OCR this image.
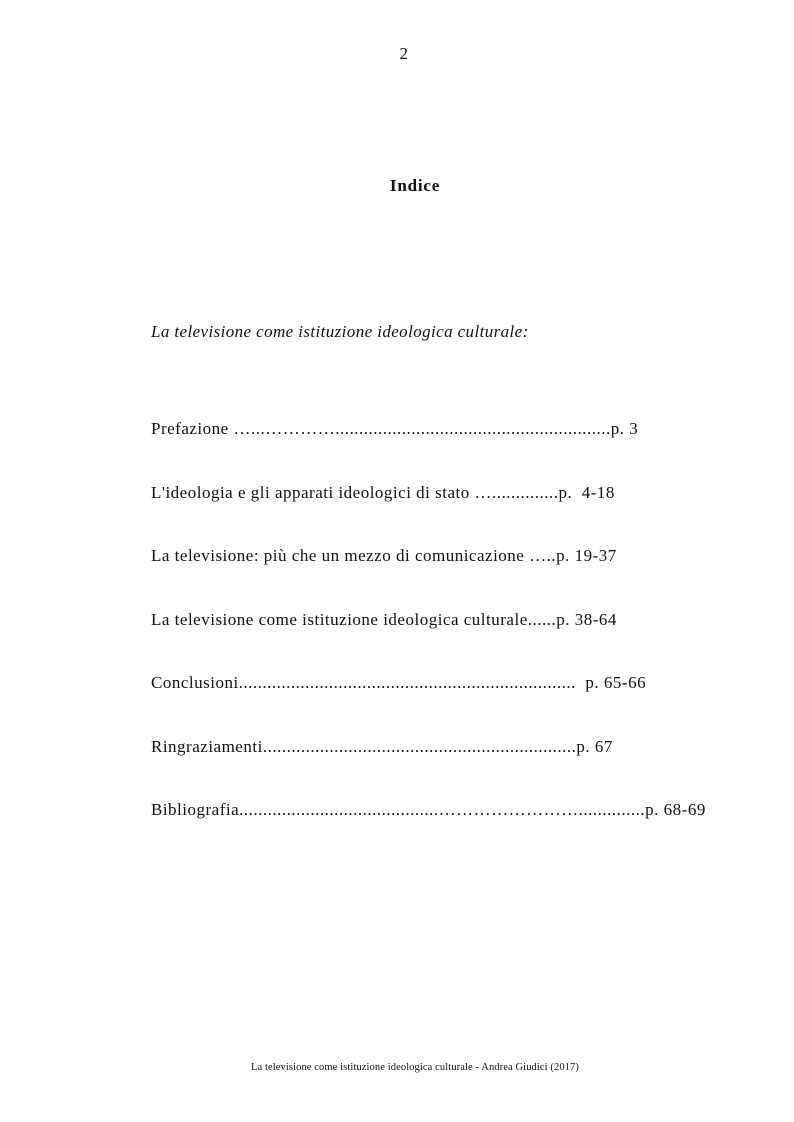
2
Indice
La televisione come istituzione ideologica culturale:
Prefazione …...…………..........................................................p. 3
L'ideologia e gli apparati ideologici di stato …..............p.  4-18
La televisione: più che un mezzo di comunicazione …..p. 19-37
La televisione come istituzione ideologica culturale......p. 38-64
Conclusioni.......................................................................  p. 65-66
Ringraziamenti..................................................................p. 67
Bibliografia..........................................……………………..............p. 68-69
La televisione come istituzione ideologica culturale - Andrea Giudici (2017)
